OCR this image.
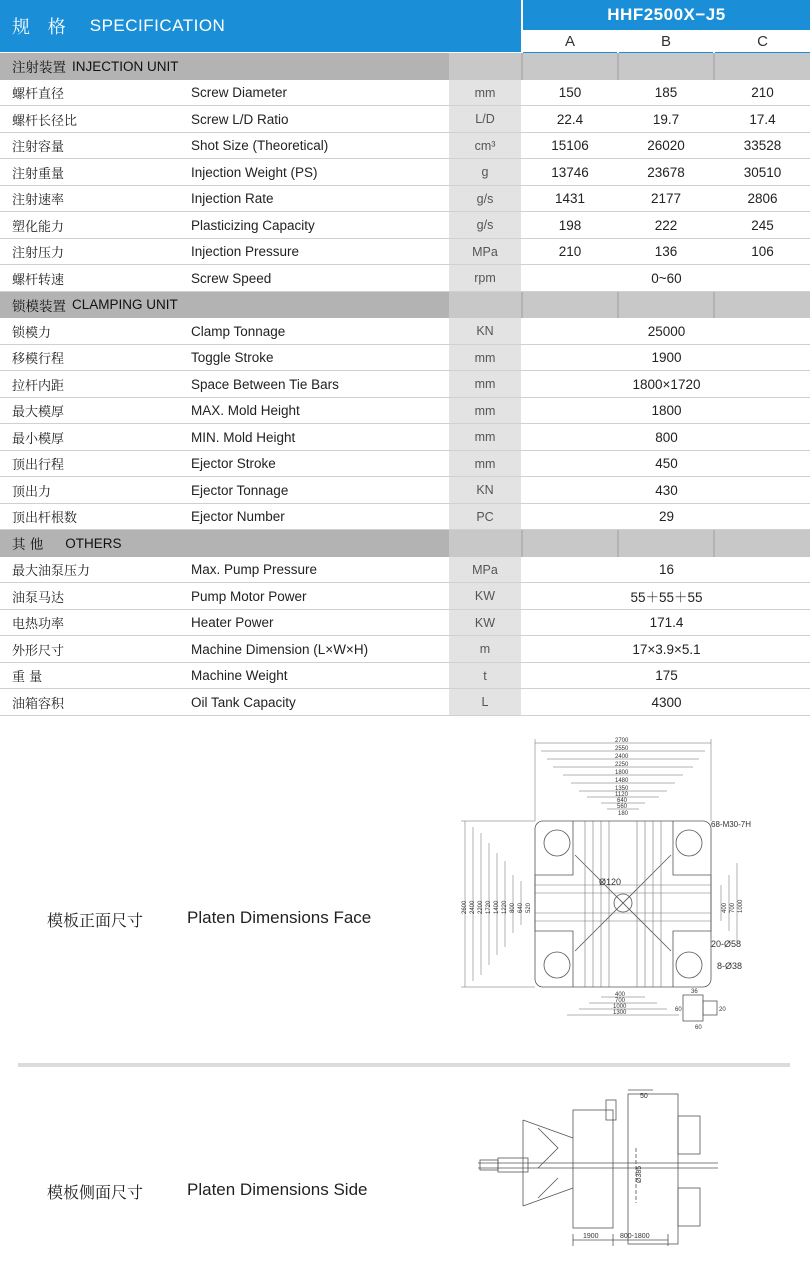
规 格 SPECIFICATION
HHF2500X−J5
A	B	C
注射装置 INJECTION UNIT
螺杆直径	Screw Diameter	mm	150	185	210
螺杆长径比	Screw L/D Ratio	L/D	22.4	19.7	17.4
注射容量	Shot Size (Theoretical)	cm³	15106	26020	33528
注射重量	Injection Weight (PS)	g	13746	23678	30510
注射速率	Injection Rate	g/s	1431	2177	2806
塑化能力	Plasticizing Capacity	g/s	198	222	245
注射压力	Injection Pressure	MPa	210	136	106
螺杆转速	Screw Speed	rpm	0~60
锁模装置 CLAMPING UNIT
锁模力	Clamp Tonnage	KN	25000
移模行程	Toggle Stroke	mm	1900
拉杆内距	Space Between Tie Bars	mm	1800×1720
最大模厚	MAX. Mold Height	mm	1800
最小模厚	MIN. Mold Height	mm	800
顶出行程	Ejector Stroke	mm	450
顶出力	Ejector Tonnage	KN	430
顶出杆根数	Ejector Number	PC	29
其 他 OTHERS
最大油泵压力	Max. Pump Pressure	MPa	16
油泵马达	Pump Motor Power	KW	55＋55＋55
电热功率	Heater Power	KW	171.4
外形尺寸	Machine Dimension (L×W×H)	m	17×3.9×5.1
重 量	Machine Weight	t	175
油箱容积	Oil Tank Capacity	L	4300
模板正面尺寸	Platen Dimensions Face
2700
2550
2400
2250
1800
1480
1350
1120
640
560
180
2600 2400 2200 1720 1400 1220 800 640 520	400 700 1000
400
700
1000
1300
68-M30-7H
Ø120
20-Ø58
8-Ø38
36
60
60
20
模板侧面尺寸	Platen Dimensions Side
50
Ø385
1900	800-1800
